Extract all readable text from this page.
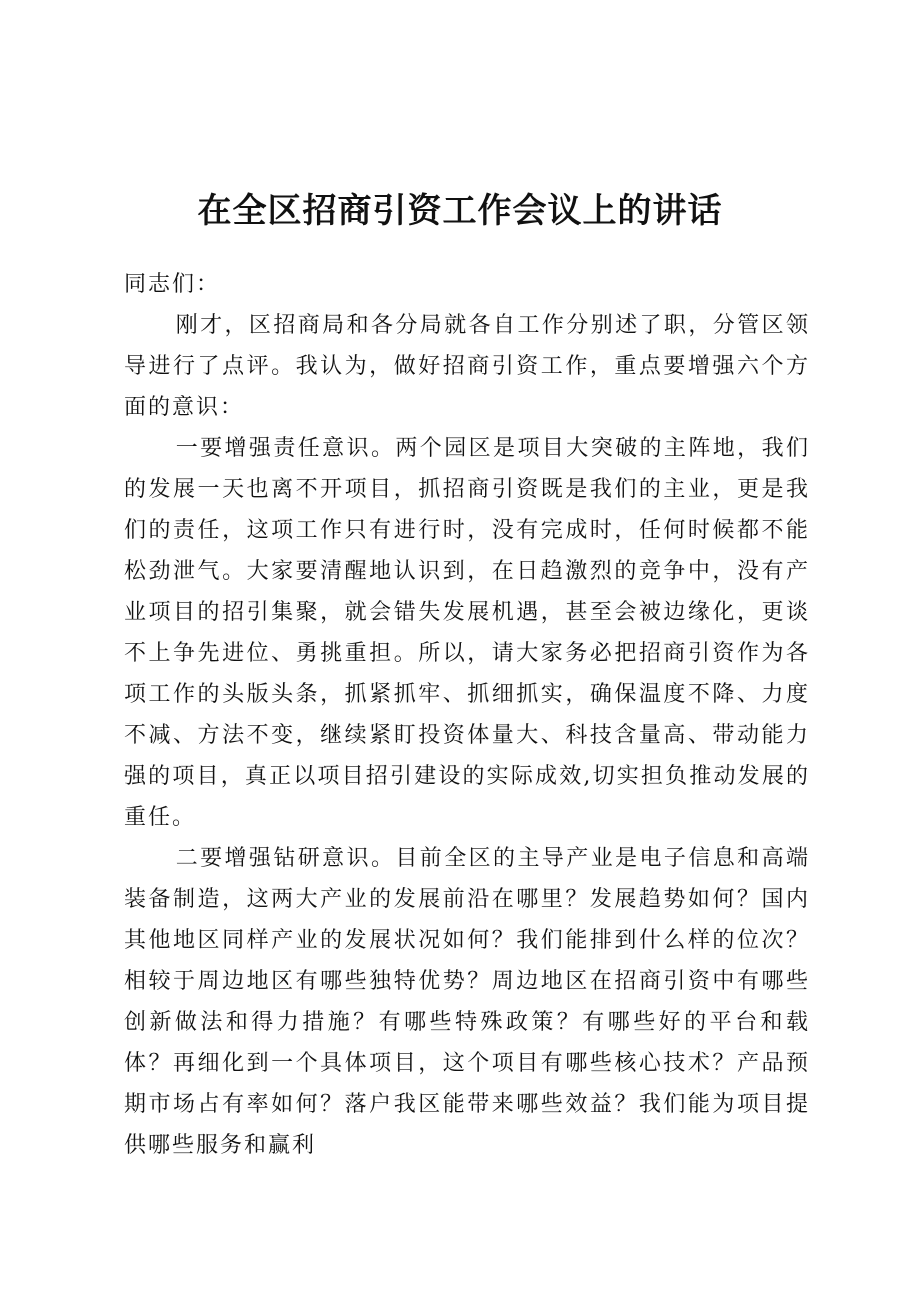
在全区招商引资工作会议上的讲话

同志们：

刚才，区招商局和各分局就各自工作分别述了职，分管区领导进行了点评。我认为，做好招商引资工作，重点要增强六个方面的意识：

一要增强责任意识。两个园区是项目大突破的主阵地，我们的发展一天也离不开项目，抓招商引资既是我们的主业，更是我们的责任，这项工作只有进行时，没有完成时，任何时候都不能松劲泄气。大家要清醒地认识到，在日趋激烈的竞争中，没有产业项目的招引集聚，就会错失发展机遇，甚至会被边缘化，更谈不上争先进位、勇挑重担。所以，请大家务必把招商引资作为各项工作的头版头条，抓紧抓牢、抓细抓实，确保温度不降、力度不减、方法不变，继续紧盯投资体量大、科技含量高、带动能力强的项目，真正以项目招引建设的实际成效,切实担负推动发展的重任。

二要增强钻研意识。目前全区的主导产业是电子信息和高端装备制造，这两大产业的发展前沿在哪里？发展趋势如何？国内其他地区同样产业的发展状况如何？我们能排到什么样的位次？相较于周边地区有哪些独特优势？周边地区在招商引资中有哪些创新做法和得力措施？有哪些特殊政策？有哪些好的平台和载体？再细化到一个具体项目，这个项目有哪些核心技术？产品预期市场占有率如何？落户我区能带来哪些效益？我们能为项目提供哪些服务和赢利
